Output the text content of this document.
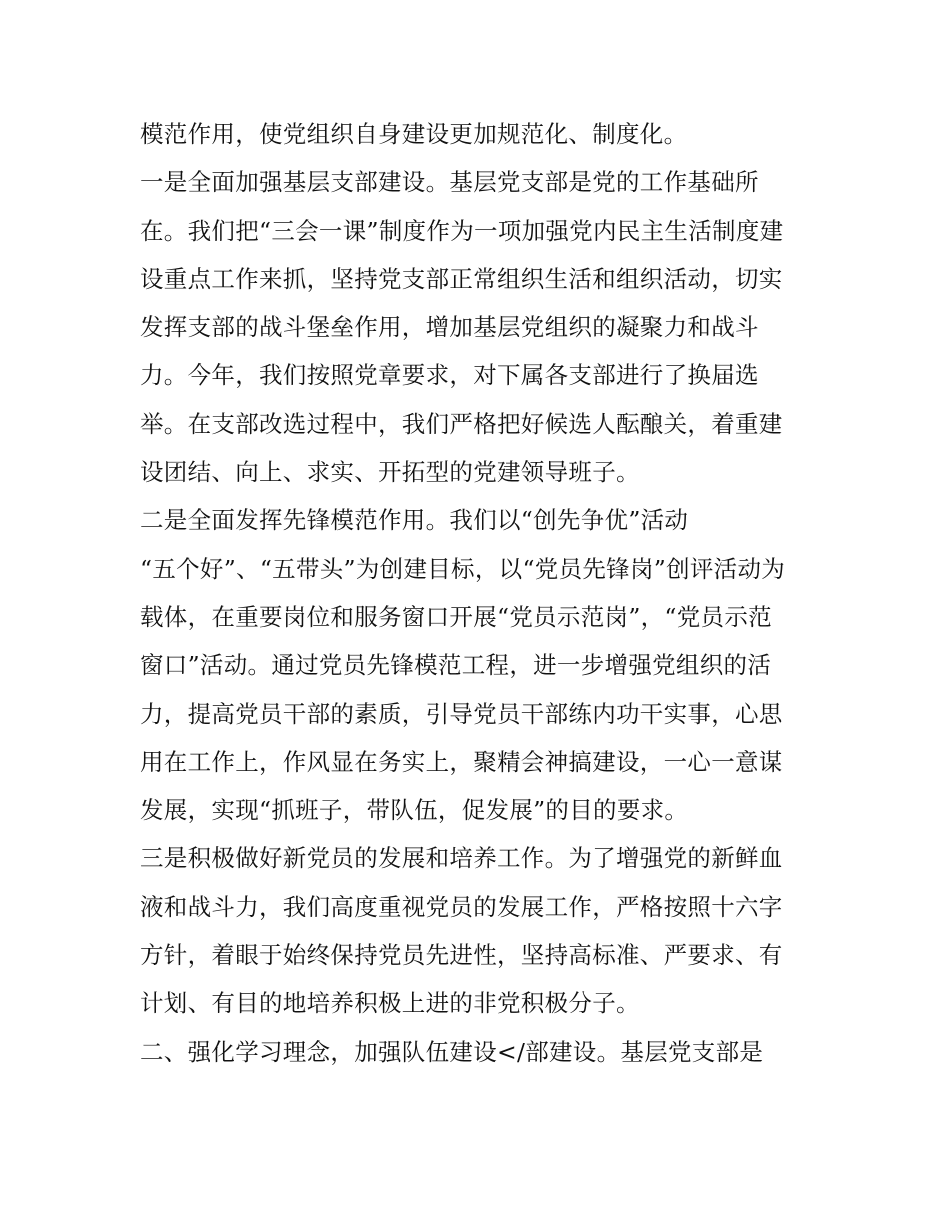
模范作用，使党组织自身建设更加规范化、制度化。
一是全面加强基层支部建设。基层党支部是党的工作基础所
在。我们把“三会一课”制度作为一项加强党内民主生活制度建
设重点工作来抓，坚持党支部正常组织生活和组织活动，切实
发挥支部的战斗堡垒作用，增加基层党组织的凝聚力和战斗
力。今年，我们按照党章要求，对下属各支部进行了换届选
举。在支部改选过程中，我们严格把好候选人酝酿关，着重建
设团结、向上、求实、开拓型的党建领导班子。
二是全面发挥先锋模范作用。我们以“创先争优”活动
“五个好”、“五带头”为创建目标，以“党员先锋岗”创评活动为
载体，在重要岗位和服务窗口开展“党员示范岗”，“党员示范
窗口”活动。通过党员先锋模范工程，进一步增强党组织的活
力，提高党员干部的素质，引导党员干部练内功干实事，心思
用在工作上，作风显在务实上，聚精会神搞建设，一心一意谋
发展，实现“抓班子，带队伍，促发展”的目的要求。
三是积极做好新党员的发展和培养工作。为了增强党的新鲜血
液和战斗力，我们高度重视党员的发展工作，严格按照十六字
方针，着眼于始终保持党员先进性，坚持高标准、严要求、有
计划、有目的地培养积极上进的非党积极分子。
二、强化学习理念，加强队伍建设</部建设。基层党支部是
